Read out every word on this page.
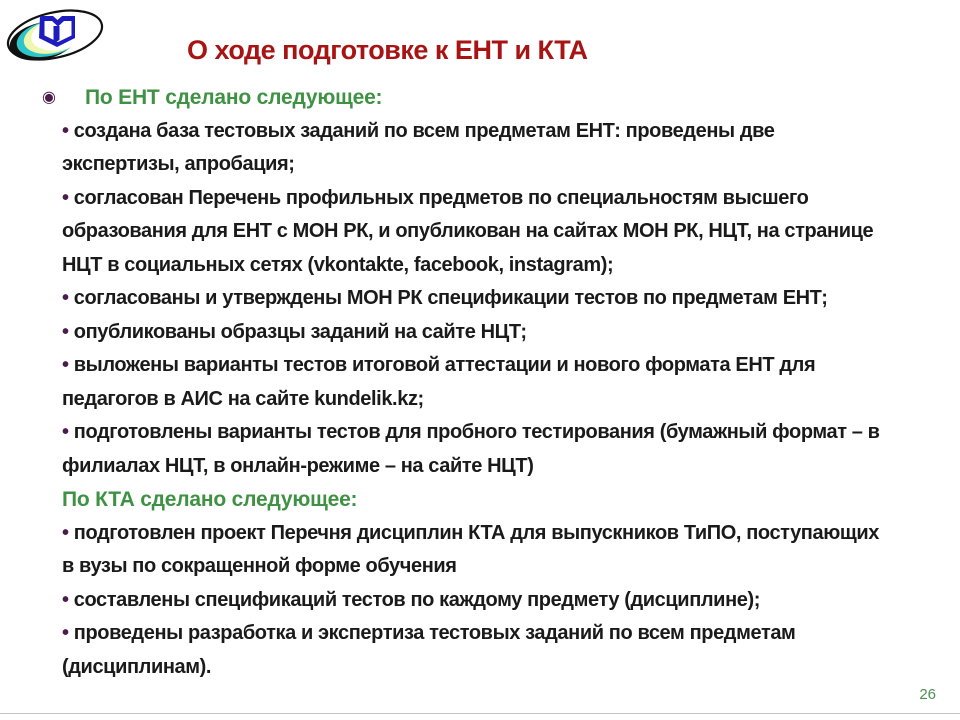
О ходе подготовке к ЕНТ и КТА
◉ По ЕНТ сделано следующее:
• создана база тестовых заданий по всем предметам ЕНТ: проведены две
экспертизы, апробация;
• согласован Перечень профильных предметов по специальностям высшего
образования для ЕНТ с МОН РК, и опубликован на сайтах МОН РК, НЦТ, на странице
НЦТ в социальных сетях (vkontakte, facebook, instagram);
• согласованы и утверждены МОН РК спецификации тестов по предметам ЕНТ;
• опубликованы образцы заданий на сайте НЦТ;
• выложены варианты тестов итоговой аттестации и нового формата ЕНТ для
педагогов в АИС на сайте kundelik.kz;
• подготовлены варианты тестов для пробного тестирования (бумажный формат – в
филиалах НЦТ, в онлайн-режиме – на сайте НЦТ)
По КТА сделано следующее:
• подготовлен проект Перечня дисциплин КТА для выпускников ТиПО, поступающих
в вузы по сокращенной форме обучения
• составлены спецификаций тестов по каждому предмету (дисциплине);
• проведены разработка и экспертиза тестовых заданий по всем предметам
(дисциплинам).
26
